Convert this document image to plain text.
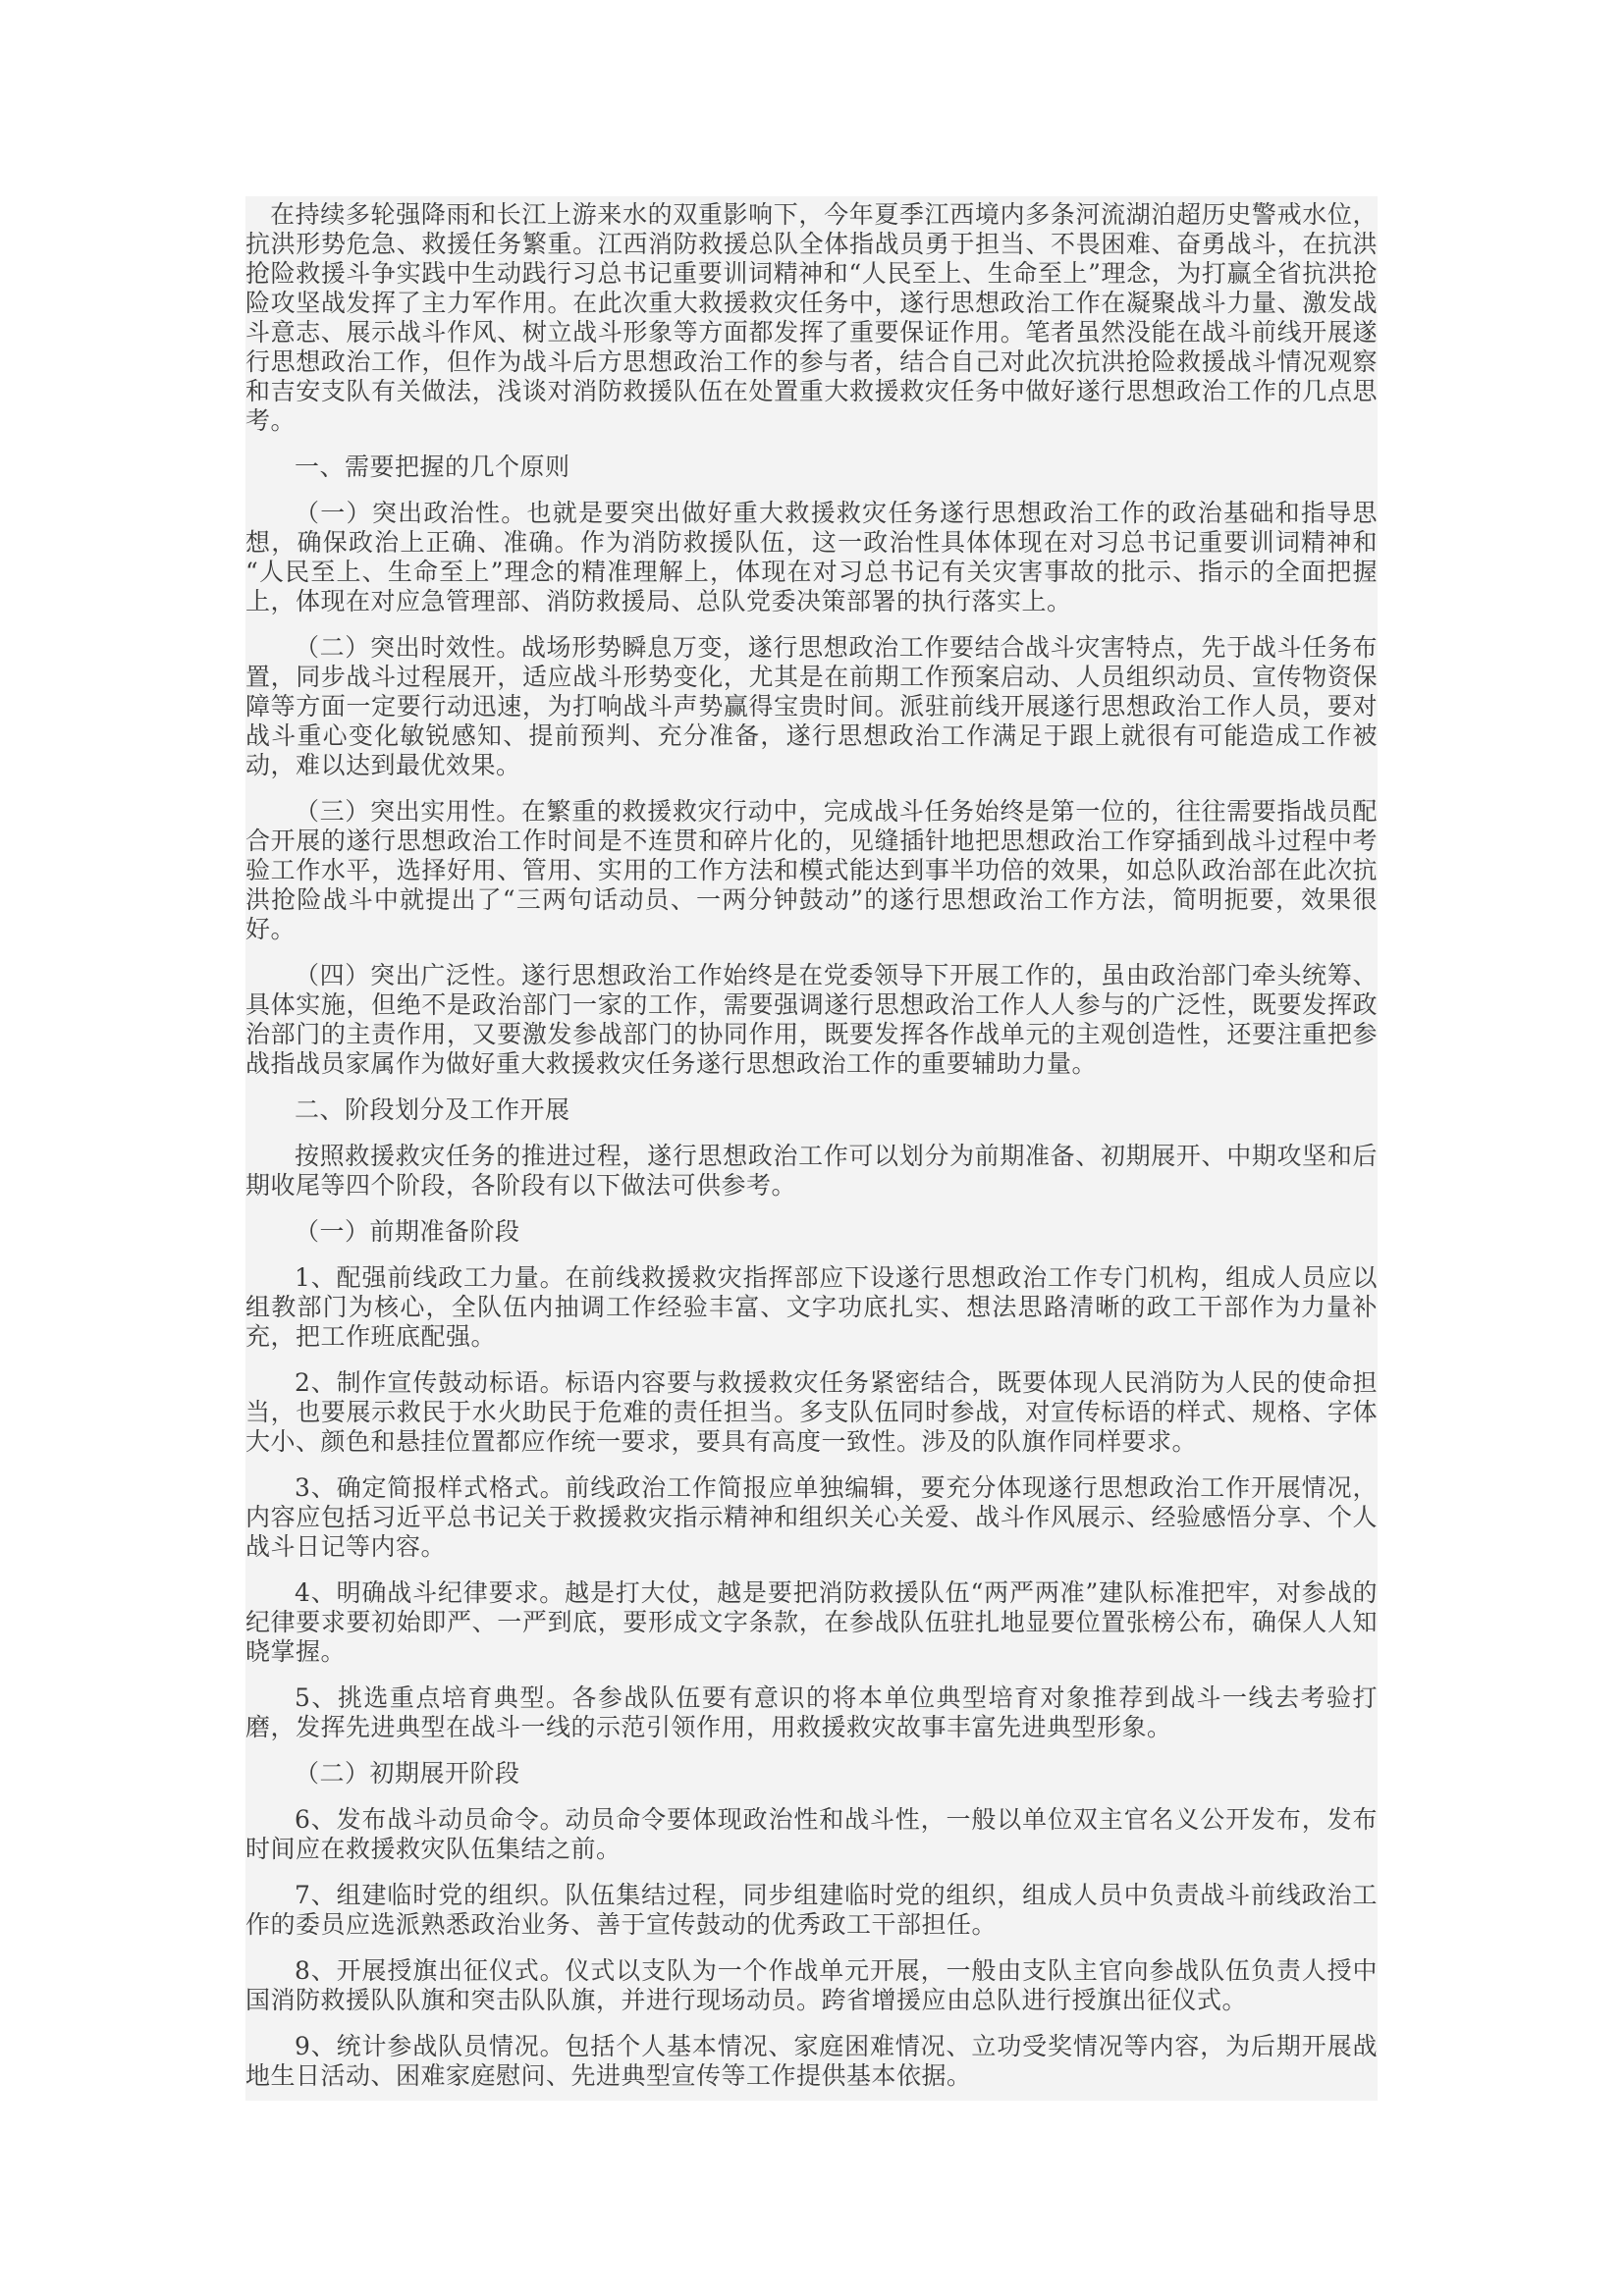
在持续多轮强降雨和长江上游来水的双重影响下，今年夏季江西境内多条河流湖泊超历史警戒水位，抗洪形势危急、救援任务繁重。江西消防救援总队全体指战员勇于担当、不畏困难、奋勇战斗，在抗洪抢险救援斗争实践中生动践行习总书记重要训词精神和“人民至上、生命至上”理念，为打赢全省抗洪抢险攻坚战发挥了主力军作用。在此次重大救援救灾任务中，遂行思想政治工作在凝聚战斗力量、激发战斗意志、展示战斗作风、树立战斗形象等方面都发挥了重要保证作用。笔者虽然没能在战斗前线开展遂行思想政治工作，但作为战斗后方思想政治工作的参与者，结合自己对此次抗洪抢险救援战斗情况观察和吉安支队有关做法，浅谈对消防救援队伍在处置重大救援救灾任务中做好遂行思想政治工作的几点思考。

一、需要把握的几个原则

（一）突出政治性。也就是要突出做好重大救援救灾任务遂行思想政治工作的政治基础和指导思想，确保政治上正确、准确。作为消防救援队伍，这一政治性具体体现在对习总书记重要训词精神和“人民至上、生命至上”理念的精准理解上，体现在对习总书记有关灾害事故的批示、指示的全面把握上，体现在对应急管理部、消防救援局、总队党委决策部署的执行落实上。

（二）突出时效性。战场形势瞬息万变，遂行思想政治工作要结合战斗灾害特点，先于战斗任务布置，同步战斗过程展开，适应战斗形势变化，尤其是在前期工作预案启动、人员组织动员、宣传物资保障等方面一定要行动迅速，为打响战斗声势赢得宝贵时间。派驻前线开展遂行思想政治工作人员，要对战斗重心变化敏锐感知、提前预判、充分准备，遂行思想政治工作满足于跟上就很有可能造成工作被动，难以达到最优效果。

（三）突出实用性。在繁重的救援救灾行动中，完成战斗任务始终是第一位的，往往需要指战员配合开展的遂行思想政治工作时间是不连贯和碎片化的，见缝插针地把思想政治工作穿插到战斗过程中考验工作水平，选择好用、管用、实用的工作方法和模式能达到事半功倍的效果，如总队政治部在此次抗洪抢险战斗中就提出了“三两句话动员、一两分钟鼓动”的遂行思想政治工作方法，简明扼要，效果很好。

（四）突出广泛性。遂行思想政治工作始终是在党委领导下开展工作的，虽由政治部门牵头统筹、具体实施，但绝不是政治部门一家的工作，需要强调遂行思想政治工作人人参与的广泛性，既要发挥政治部门的主责作用，又要激发参战部门的协同作用，既要发挥各作战单元的主观创造性，还要注重把参战指战员家属作为做好重大救援救灾任务遂行思想政治工作的重要辅助力量。

二、阶段划分及工作开展

按照救援救灾任务的推进过程，遂行思想政治工作可以划分为前期准备、初期展开、中期攻坚和后期收尾等四个阶段，各阶段有以下做法可供参考。

（一）前期准备阶段

1、配强前线政工力量。在前线救援救灾指挥部应下设遂行思想政治工作专门机构，组成人员应以组教部门为核心，全队伍内抽调工作经验丰富、文字功底扎实、想法思路清晰的政工干部作为力量补充，把工作班底配强。

2、制作宣传鼓动标语。标语内容要与救援救灾任务紧密结合，既要体现人民消防为人民的使命担当，也要展示救民于水火助民于危难的责任担当。多支队伍同时参战，对宣传标语的样式、规格、字体大小、颜色和悬挂位置都应作统一要求，要具有高度一致性。涉及的队旗作同样要求。

3、确定简报样式格式。前线政治工作简报应单独编辑，要充分体现遂行思想政治工作开展情况，内容应包括习近平总书记关于救援救灾指示精神和组织关心关爱、战斗作风展示、经验感悟分享、个人战斗日记等内容。

4、明确战斗纪律要求。越是打大仗，越是要把消防救援队伍“两严两准”建队标准把牢，对参战的纪律要求要初始即严、一严到底，要形成文字条款，在参战队伍驻扎地显要位置张榜公布，确保人人知晓掌握。

5、挑选重点培育典型。各参战队伍要有意识的将本单位典型培育对象推荐到战斗一线去考验打磨，发挥先进典型在战斗一线的示范引领作用，用救援救灾故事丰富先进典型形象。

（二）初期展开阶段

6、发布战斗动员命令。动员命令要体现政治性和战斗性，一般以单位双主官名义公开发布，发布时间应在救援救灾队伍集结之前。

7、组建临时党的组织。队伍集结过程，同步组建临时党的组织，组成人员中负责战斗前线政治工作的委员应选派熟悉政治业务、善于宣传鼓动的优秀政工干部担任。

8、开展授旗出征仪式。仪式以支队为一个作战单元开展，一般由支队主官向参战队伍负责人授中国消防救援队队旗和突击队队旗，并进行现场动员。跨省增援应由总队进行授旗出征仪式。

9、统计参战队员情况。包括个人基本情况、家庭困难情况、立功受奖情况等内容，为后期开展战地生日活动、困难家庭慰问、先进典型宣传等工作提供基本依据。
